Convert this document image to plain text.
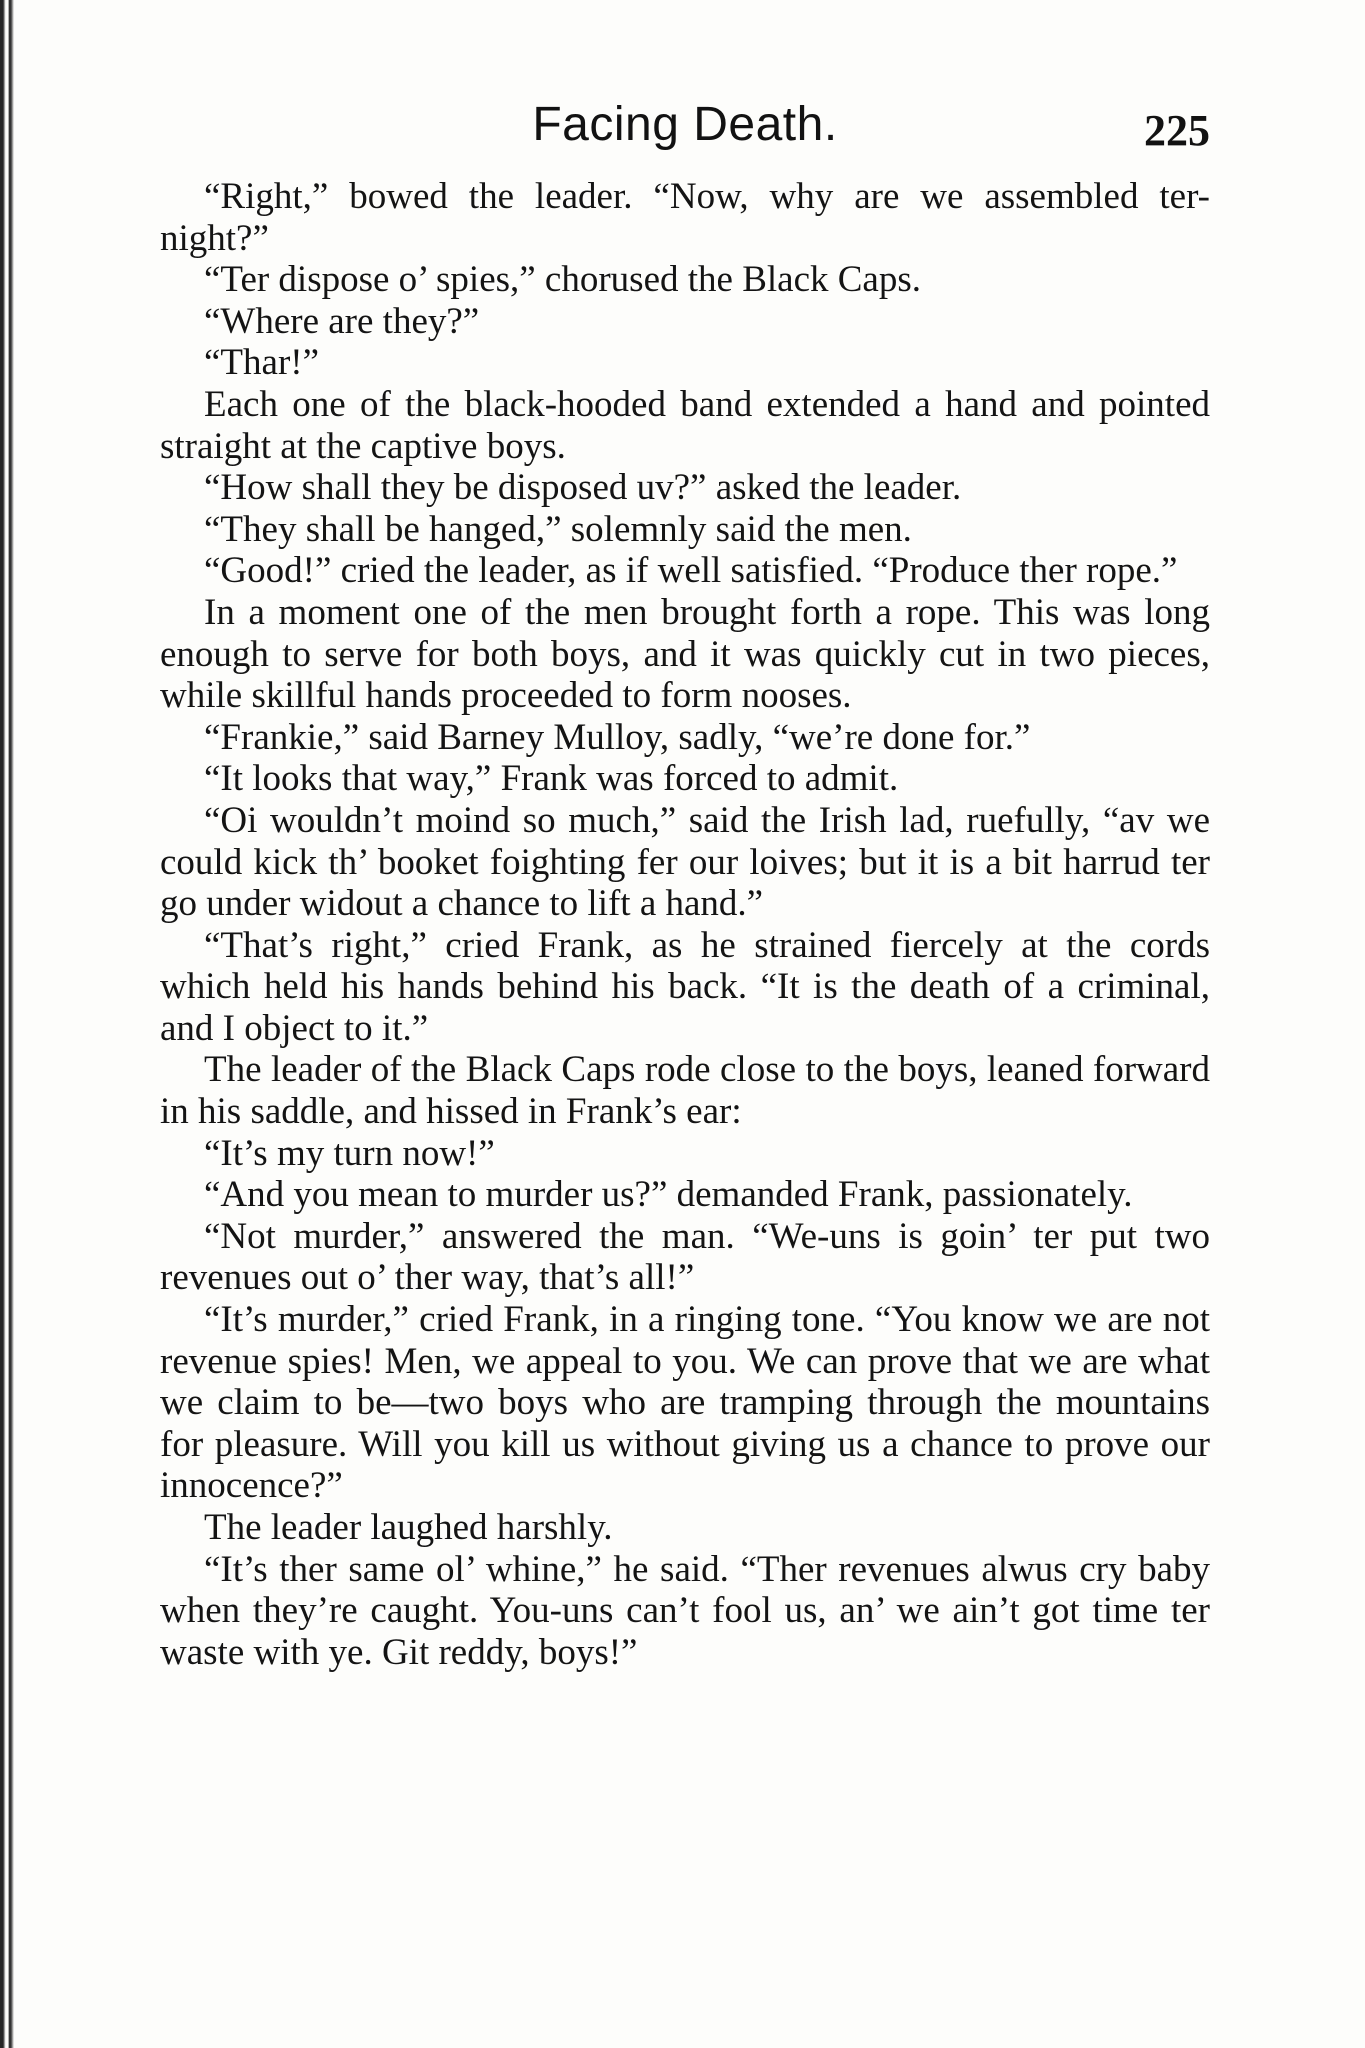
Facing Death.	225

“Right,” bowed the leader. “Now, why are we assembled ter-night?”

“Ter dispose o’ spies,” chorused the Black Caps.

“Where are they?”

“Thar!”

Each one of the black-hooded band extended a hand and pointed straight at the captive boys.

“How shall they be disposed uv?” asked the leader.

“They shall be hanged,” solemnly said the men.

“Good!” cried the leader, as if well satisfied. “Produce ther rope.”

In a moment one of the men brought forth a rope. This was long enough to serve for both boys, and it was quickly cut in two pieces, while skillful hands proceeded to form nooses.

“Frankie,” said Barney Mulloy, sadly, “we’re done for.”

“It looks that way,” Frank was forced to admit.

“Oi wouldn’t moind so much,” said the Irish lad, ruefully, “av we could kick th’ booket foighting fer our loives; but it is a bit harrud ter go under widout a chance to lift a hand.”

“That’s right,” cried Frank, as he strained fiercely at the cords which held his hands behind his back. “It is the death of a criminal, and I object to it.”

The leader of the Black Caps rode close to the boys, leaned forward in his saddle, and hissed in Frank’s ear:

“It’s my turn now!”

“And you mean to murder us?” demanded Frank, passionately.

“Not murder,” answered the man. “We-uns is goin’ ter put two revenues out o’ ther way, that’s all!”

“It’s murder,” cried Frank, in a ringing tone. “You know we are not revenue spies! Men, we appeal to you. We can prove that we are what we claim to be—two boys who are tramping through the mountains for pleasure. Will you kill us without giving us a chance to prove our innocence?”

The leader laughed harshly.

“It’s ther same ol’ whine,” he said. “Ther revenues alwus cry baby when they’re caught. You-uns can’t fool us, an’ we ain’t got time ter waste with ye. Git reddy, boys!”
